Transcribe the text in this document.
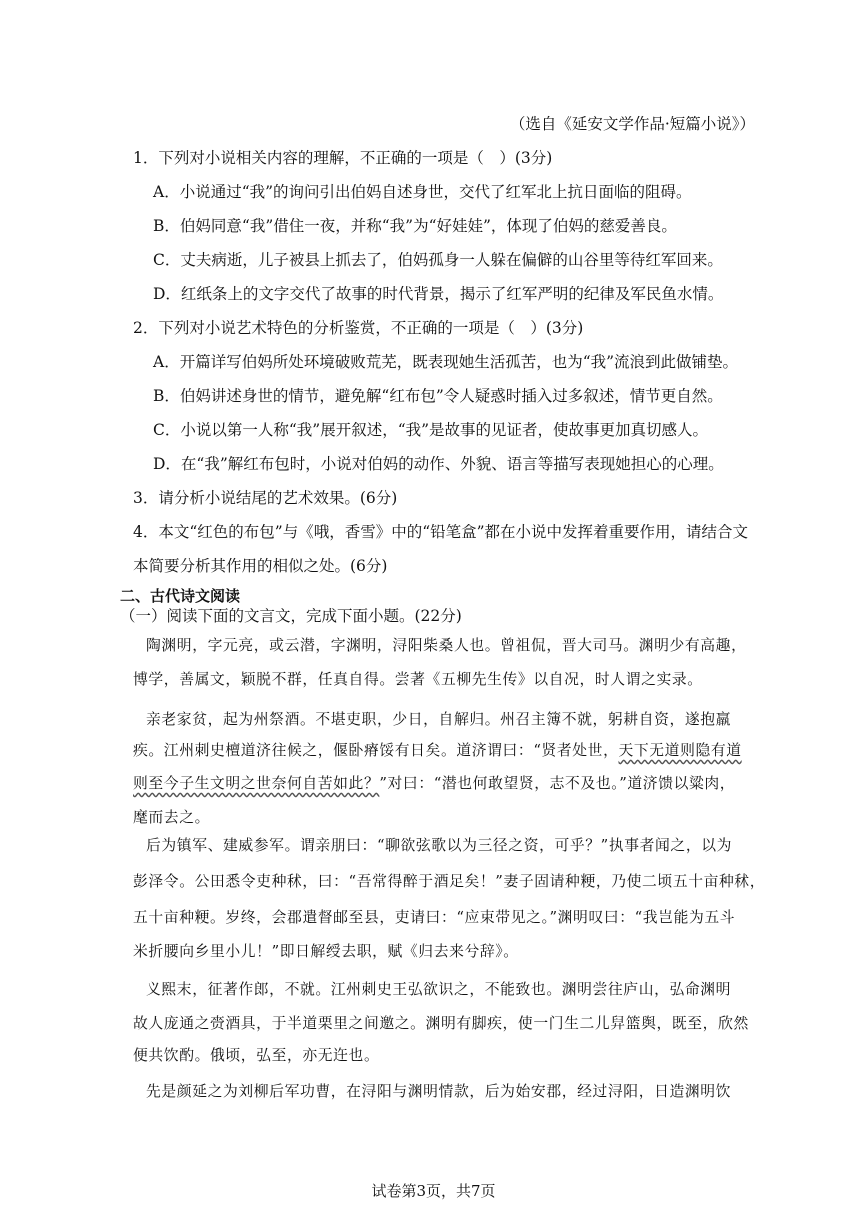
（选自《延安文学作品·短篇小说》）
1．下列对小说相关内容的理解，不正确的一项是（　）(3分)
A．小说通过“我”的询问引出伯妈自述身世，交代了红军北上抗日面临的阻碍。
B．伯妈同意“我”借住一夜，并称“我”为“好娃娃”，体现了伯妈的慈爱善良。
C．丈夫病逝，儿子被县上抓去了，伯妈孤身一人躲在偏僻的山谷里等待红军回来。
D．红纸条上的文字交代了故事的时代背景，揭示了红军严明的纪律及军民鱼水情。
2．下列对小说艺术特色的分析鉴赏，不正确的一项是（　）(3分)
A．开篇详写伯妈所处环境破败荒芜，既表现她生活孤苦，也为“我”流浪到此做铺垫。
B．伯妈讲述身世的情节，避免解“红布包”令人疑惑时插入过多叙述，情节更自然。
C．小说以第一人称“我”展开叙述，“我”是故事的见证者，使故事更加真切感人。
D．在“我”解红布包时，小说对伯妈的动作、外貌、语言等描写表现她担心的心理。
3．请分析小说结尾的艺术效果。(6分)
4．本文“红色的布包”与《哦，香雪》中的“铅笔盒”都在小说中发挥着重要作用，请结合文
本简要分析其作用的相似之处。(6分)
二、古代诗文阅读
（一）阅读下面的文言文，完成下面小题。(22分)
陶渊明，字元亮，或云潜，字渊明，浔阳柴桑人也。曾祖侃，晋大司马。渊明少有高趣，
博学，善属文，颖脱不群，任真自得。尝著《五柳先生传》以自况，时人谓之实录。
亲老家贫，起为州祭酒。不堪吏职，少日，自解归。州召主簿不就，躬耕自资，遂抱羸
疾。江州刺史檀道济往候之，偃卧瘠馁有日矣。道济谓曰：“贤者处世，天下无道则隐有道
则至今子生文明之世奈何自苦如此？”对曰：“潜也何敢望贤，志不及也。”道济馈以粱肉，
麾而去之。
后为镇军、建威参军。谓亲朋曰：“聊欲弦歌以为三径之资，可乎？”执事者闻之，以为
彭泽令。公田悉令吏种秫，曰：“吾常得醉于酒足矣！”妻子固请种粳，乃使二顷五十亩种秫，
五十亩种粳。岁终，会郡遣督邮至县，吏请曰：“应束带见之。”渊明叹曰：“我岂能为五斗
米折腰向乡里小儿！”即日解绶去职，赋《归去来兮辞》。
义熙末，征著作郎，不就。江州刺史王弘欲识之，不能致也。渊明尝往庐山，弘命渊明
故人庞通之赍酒具，于半道栗里之间邀之。渊明有脚疾，使一门生二儿舁篮舆，既至，欣然
便共饮酌。俄顷，弘至，亦无迕也。
先是颜延之为刘柳后军功曹，在浔阳与渊明情款，后为始安郡，经过浔阳，日造渊明饮
试卷第3页，共7页
